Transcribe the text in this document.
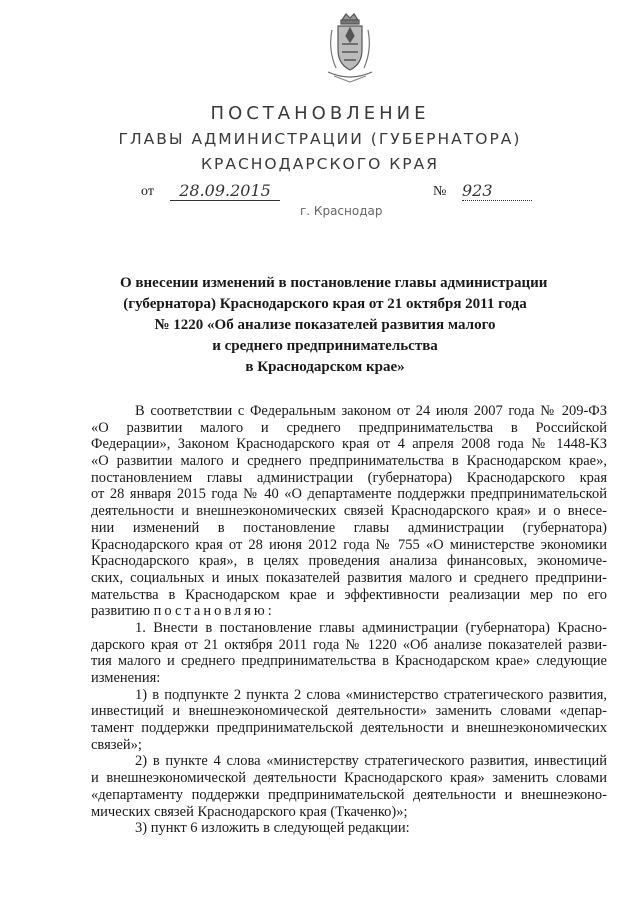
ПОСТАНОВЛЕНИЕ
ГЛАВЫ АДМИНИСТРАЦИИ (ГУБЕРНАТОРА)
КРАСНОДАРСКОГО КРАЯ
от	28.09.2015	№ 923
г. Краснодар
О внесении изменений в постановление главы администрации
(губернатора) Краснодарского края от 21 октября 2011 года
№ 1220 «Об анализе показателей развития малого
и среднего предпринимательства
в Краснодарском крае»
В соответствии с Федеральным законом от 24 июля 2007 года № 209-ФЗ
«О развитии малого и среднего предпринимательства в Российской
Федерации», Законом Краснодарского края от 4 апреля 2008 года № 1448-КЗ
«О развитии малого и среднего предпринимательства в Краснодарском крае»,
постановлением главы администрации (губернатора) Краснодарского края
от 28 января 2015 года № 40 «О департаменте поддержки предпринимательской
деятельности и внешнеэкономических связей Краснодарского края» и о внесе-
нии изменений в постановление главы администрации (губернатора)
Краснодарского края от 28 июня 2012 года № 755 «О министерстве экономики
Краснодарского края», в целях проведения анализа финансовых, экономиче-
ских, социальных и иных показателей развития малого и среднего предприни-
мательства в Краснодарском крае и эффективности реализации мер по его
развитию постановляю:
1. Внести в постановление главы администрации (губернатора) Красно-
дарского края от 21 октября 2011 года № 1220 «Об анализе показателей разви-
тия малого и среднего предпринимательства в Краснодарском крае» следующие
изменения:
1) в подпункте 2 пункта 2 слова «министерство стратегического развития,
инвестиций и внешнеэкономической деятельности» заменить словами «депар-
тамент поддержки предпринимательской деятельности и внешнеэкономических
связей»;
2) в пункте 4 слова «министерству стратегического развития, инвестиций
и внешнеэкономической деятельности Краснодарского края» заменить словами
«департаменту поддержки предпринимательской деятельности и внешнеэконо-
мических связей Краснодарского края (Ткаченко)»;
3) пункт 6 изложить в следующей редакции:
